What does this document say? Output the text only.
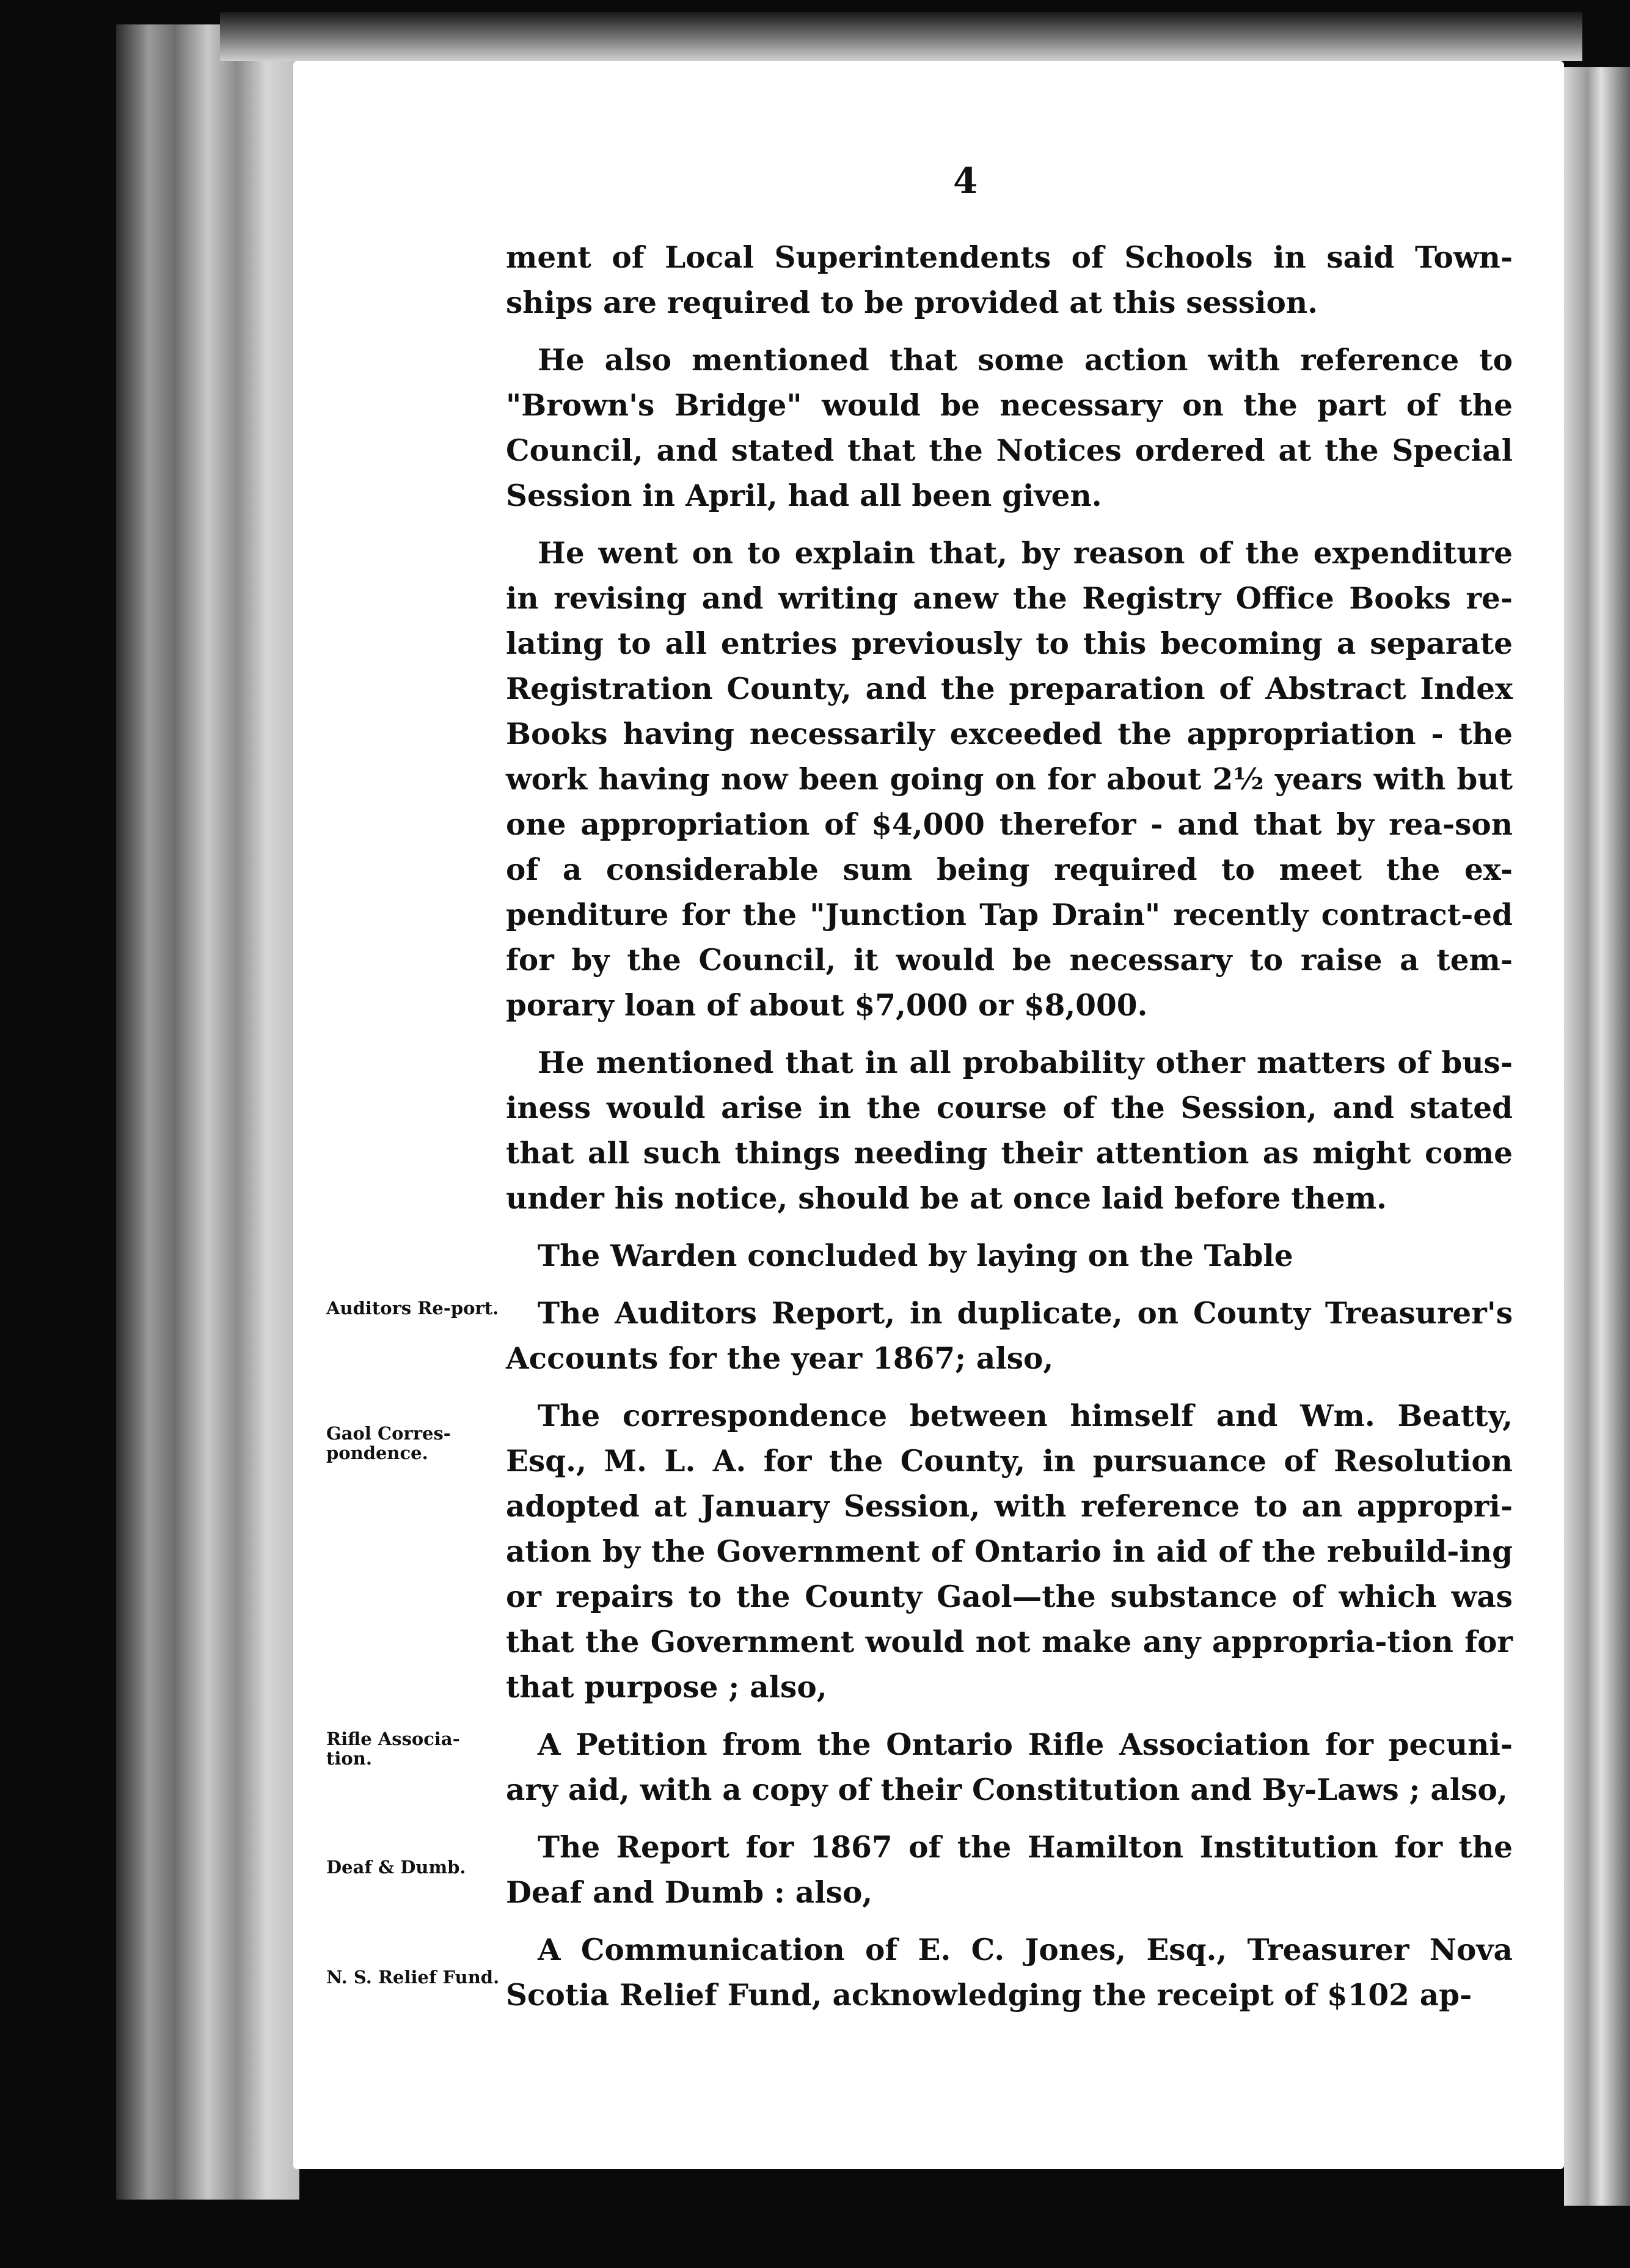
4

Auditors Re-port.

Gaol Corres-pondence.

Rifle Associa-tion.

Deaf & Dumb.

N. S. Relief Fund.

ment of Local Superintendents of Schools in said Town-ships are required to be provided at this session.

He also mentioned that some action with reference to "Brown's Bridge" would be necessary on the part of the Council, and stated that the Notices ordered at the Special Session in April, had all been given.

He went on to explain that, by reason of the expenditure in revising and writing anew the Registry Office Books re-lating to all entries previously to this becoming a separate Registration County, and the preparation of Abstract Index Books having necessarily exceeded the appropriation - the work having now been going on for about 2½ years with but one appropriation of $4,000 therefor - and that by rea-son of a considerable sum being required to meet the ex-penditure for the "Junction Tap Drain" recently contract-ed for by the Council, it would be necessary to raise a tem-porary loan of about $7,000 or $8,000.

He mentioned that in all probability other matters of bus-iness would arise in the course of the Session, and stated that all such things needing their attention as might come under his notice, should be at once laid before them.

The Warden concluded by laying on the Table

The Auditors Report, in duplicate, on County Treasurer's Accounts for the year 1867; also,

The correspondence between himself and Wm. Beatty, Esq., M. L. A. for the County, in pursuance of Resolution adopted at January Session, with reference to an appropri-ation by the Government of Ontario in aid of the rebuild-ing or repairs to the County Gaol—the substance of which was that the Government would not make any appropria-tion for that purpose ; also,

A Petition from the Ontario Rifle Association for pecuni-ary aid, with a copy of their Constitution and By-Laws ; also,

The Report for 1867 of the Hamilton Institution for the Deaf and Dumb : also,

A Communication of E. C. Jones, Esq., Treasurer Nova Scotia Relief Fund, acknowledging the receipt of $102 ap-
